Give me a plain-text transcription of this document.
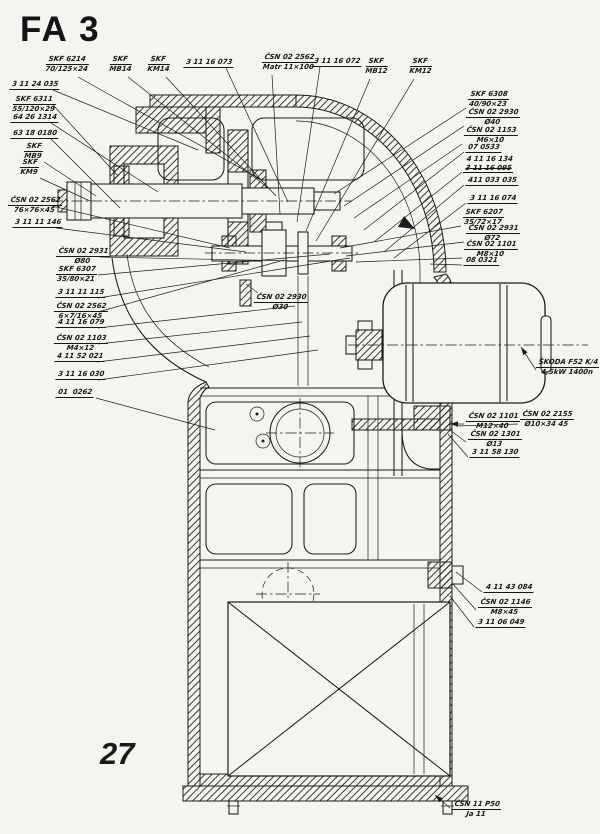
SKF 6214
70/125×24
SKF
MB14
SKF
KM14
3 11 16 073
ČSN 02 2562
Matr 11×100
3 11 16 072	SKF
MB12
SKF
KM12
3 11 24 035
SKF 6311
55/120×29
64 26 1314
63 18 0180
SKF
MB9
SKF
KM9
ČSN 02 2562
76×76×45
3 11 11 146
ČSN 02 2931
Ø80
SKF 6307
35/80×21
3 11 11 115
ČSN 02 2562
6×7/16×45
4 11 16 079
ČSN 02 1103
M4×12
4 11 52 021
3 11 16 030
01  0262
ČSN 02 2930
Ø30
SKF 6308
40/90×23
ČSN 02 2930
Ø40
ČSN 02 1153
M6×10
07 0533
4 11 16 134
3 11 16 095
411 033 035
3 11 16 074
SKF 6207
35/72×17
ČSN 02 2931
Ø72
ČSN 02 1101
M8×10
08 0321
ŠKODA F52 K/4
4,5kW 1400n
ČSN 02 1101
M12×40
ČSN 02 2155
Ø10×34 45
ČSN 02 1301
Ø13
3 11 58 130
4 11 43 084
ČSN 02 1146
M8×45
3 11 06 049
ČSN 11 P50
Ja 11
FA 3
27
